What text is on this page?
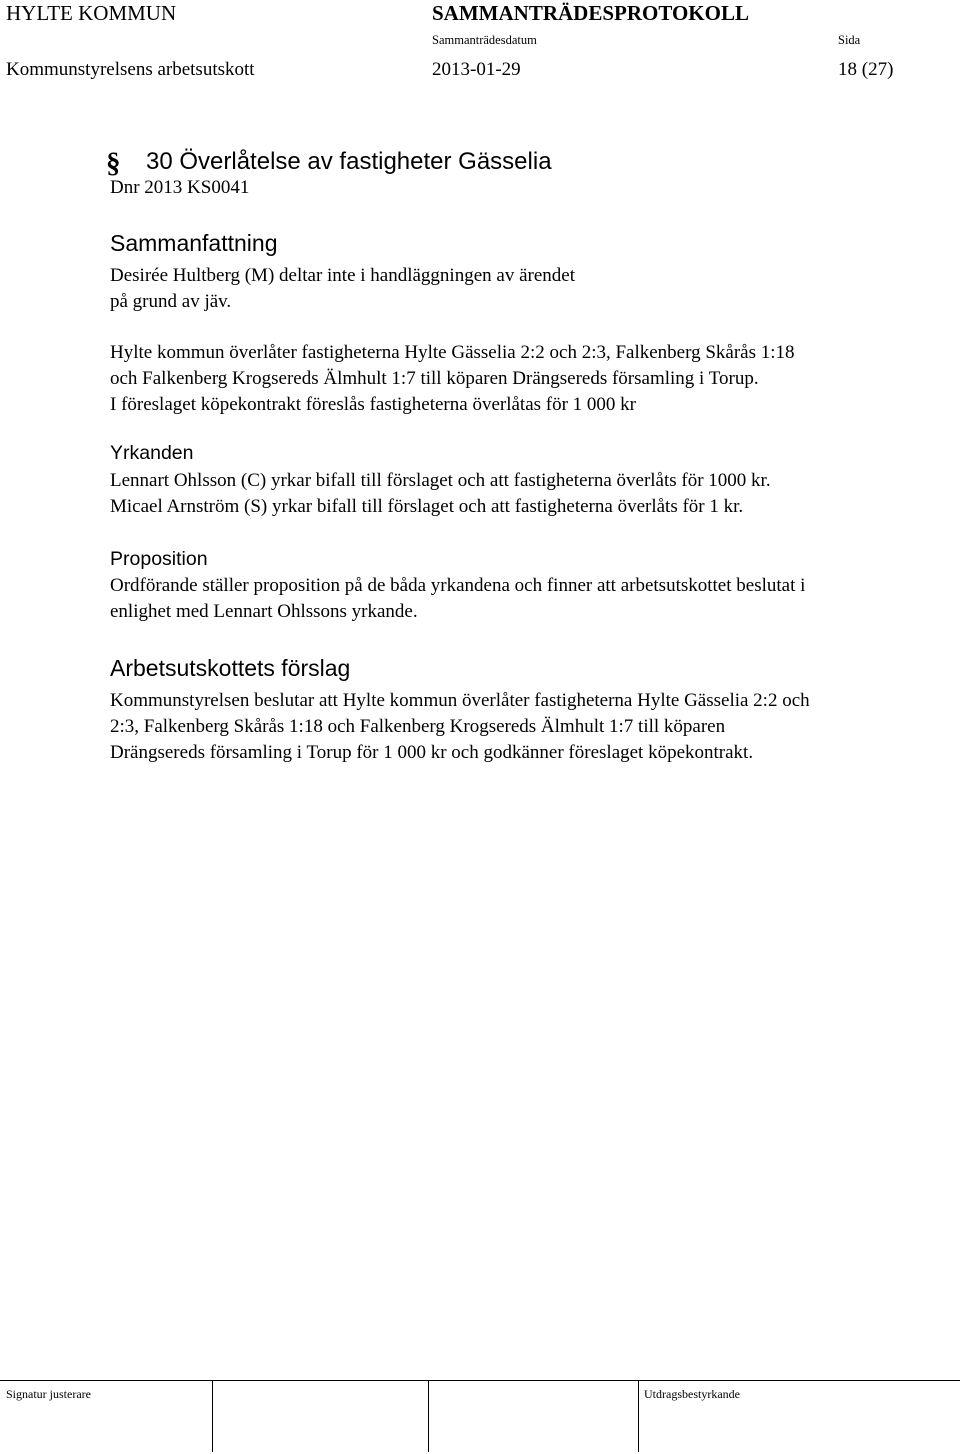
HYLTE KOMMUN	SAMMANTRÄDESPROTOKOLL
Sammanträdesdatum	Sida
Kommunstyrelsens arbetsutskott	2013-01-29	18 (27)
§ 30 Överlåtelse av fastigheter Gässelia
Dnr 2013 KS0041
Sammanfattning
Desirée Hultberg (M) deltar inte i handläggningen av ärendet
på grund av jäv.
Hylte kommun överlåter fastigheterna Hylte Gässelia 2:2 och 2:3, Falkenberg Skårås 1:18
och Falkenberg Krogsereds Älmhult 1:7 till köparen Drängsereds församling i Torup.
I föreslaget köpekontrakt föreslås fastigheterna överlåtas för 1 000 kr
Yrkanden
Lennart Ohlsson (C) yrkar bifall till förslaget och att fastigheterna överlåts för 1000 kr.
Micael Arnström (S) yrkar bifall till förslaget och att fastigheterna överlåts för 1 kr.
Proposition
Ordförande ställer proposition på de båda yrkandena och finner att arbetsutskottet beslutat i
enlighet med Lennart Ohlssons yrkande.
Arbetsutskottets förslag
Kommunstyrelsen beslutar att Hylte kommun överlåter fastigheterna Hylte Gässelia 2:2 och
2:3, Falkenberg Skårås 1:18 och Falkenberg Krogsereds Älmhult 1:7 till köparen
Drängsereds församling i Torup för 1 000 kr och godkänner föreslaget köpekontrakt.
Signatur justerare	Utdragsbestyrkande
